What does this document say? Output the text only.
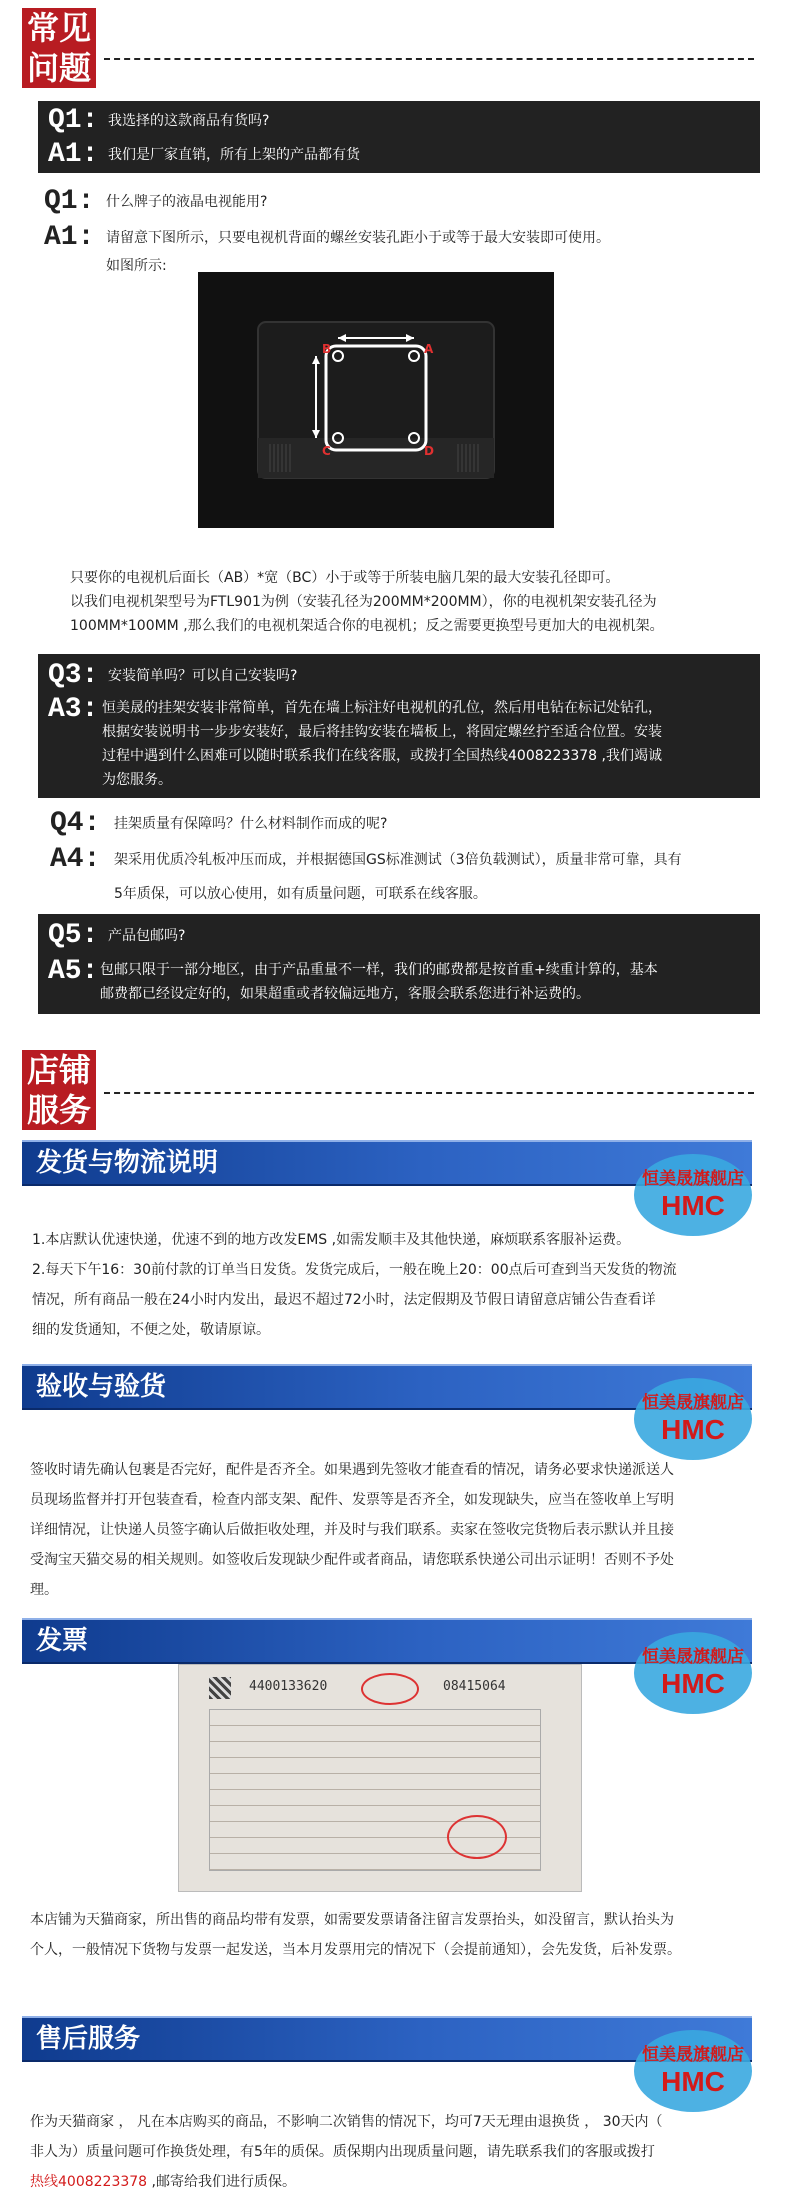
常见
问题
Q1: 我选择的这款商品有货吗?
A1: 我们是厂家直销，所有上架的产品都有货
Q1: 什么牌子的液晶电视能用?
A1: 请留意下图所示，只要电视机背面的螺丝安装孔距小于或等于最大安装即可使用。
如图所示:
B	A
C	D
只要你的电视机后面长（AB）*宽（BC）小于或等于所装电脑几架的最大安装孔径即可。
以我们电视机架型号为FTL901为例（安装孔径为200MM*200MM），你的电视机架安装孔径为
100MM*100MM ,那么我们的电视机架适合你的电视机；反之需要更换型号更加大的电视机架。
Q3: 安装简单吗？可以自己安装吗?
A3: 恒美晟的挂架安装非常简单，首先在墙上标注好电视机的孔位，然后用电钻在标记处钻孔，
根据安装说明书一步步安装好，最后将挂钩安装在墙板上，将固定螺丝拧至适合位置。安装
过程中遇到什么困难可以随时联系我们在线客服，或拨打全国热线4008223378 ,我们竭诚
为您服务。
Q4: 挂架质量有保障吗？什么材料制作而成的呢?
A4: 架采用优质冷轧板冲压而成，并根据德国GS标准测试（3倍负载测试），质量非常可靠，具有
5年质保，可以放心使用，如有质量问题，可联系在线客服。
Q5: 产品包邮吗?
A5: 包邮只限于一部分地区，由于产品重量不一样，我们的邮费都是按首重+续重计算的，基本
邮费都已经设定好的，如果超重或者较偏远地方，客服会联系您进行补运费的。
店铺
服务
发货与物流说明
恒美晟旗舰店
HMC
1.本店默认优速快递，优速不到的地方改发EMS ,如需发顺丰及其他快递，麻烦联系客服补运费。
2.每天下午16：30前付款的订单当日发货。发货完成后，一般在晚上20：00点后可查到当天发货的物流
情况，所有商品一般在24小时内发出，最迟不超过72小时，法定假期及节假日请留意店铺公告查看详
细的发货通知，不便之处，敬请原谅。
验收与验货
恒美晟旗舰店
HMC
签收时请先确认包裹是否完好，配件是否齐全。如果遇到先签收才能查看的情况，请务必要求快递派送人
员现场监督并打开包装查看，检查内部支架、配件、发票等是否齐全，如发现缺失，应当在签收单上写明
详细情况，让快递人员签字确认后做拒收处理，并及时与我们联系。卖家在签收完货物后表示默认并且接
受淘宝天猫交易的相关规则。如签收后发现缺少配件或者商品，请您联系快递公司出示证明！否则不予处
理。
发票
恒美晟旗舰店
HMC
4400133620	08415064
本店铺为天猫商家，所出售的商品均带有发票，如需要发票请备注留言发票抬头，如没留言，默认抬头为
个人，一般情况下货物与发票一起发送，当本月发票用完的情况下（会提前通知），会先发货，后补发票。
售后服务
恒美晟旗舰店
HMC
作为天猫商家 ， 凡在本店购买的商品，不影响二次销售的情况下，均可7天无理由退换货 ， 30天内（
非人为）质量问题可作换货处理，有5年的质保。质保期内出现质量问题，请先联系我们的客服或拨打
热线4008223378 ,邮寄给我们进行质保。
